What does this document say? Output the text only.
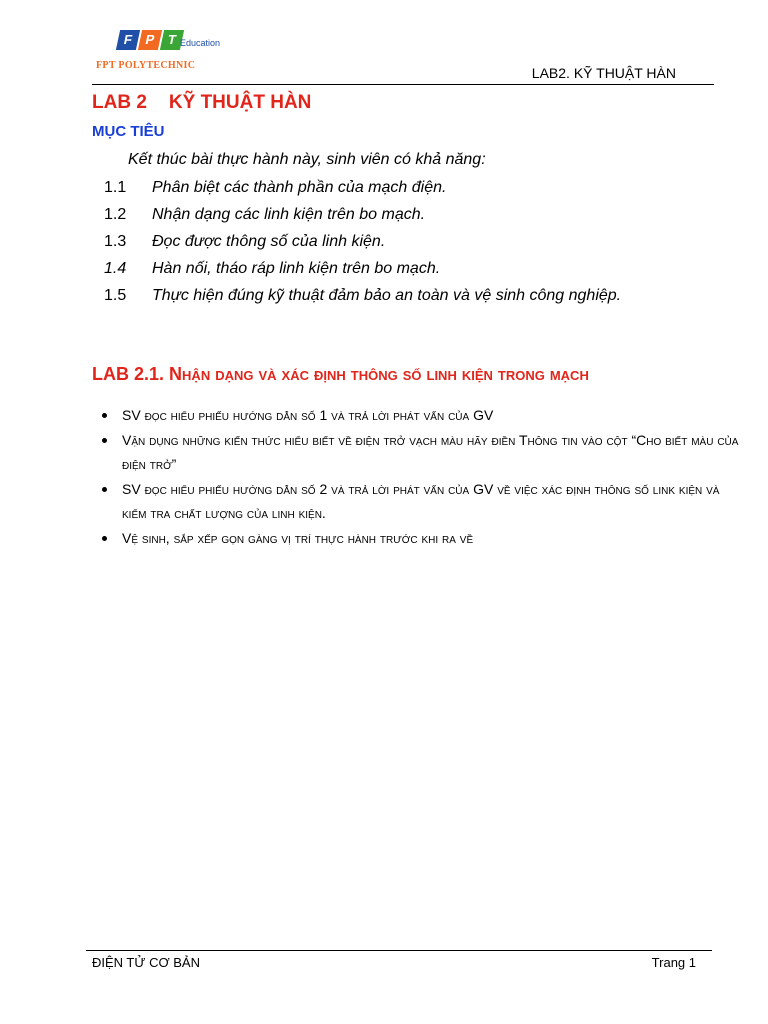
F P T Education
FPT POLYTECHNIC	LAB2. KỸ THUẬT HÀN
LAB 2 KỸ THUẬT HÀN
MỤC TIÊU
Kết thúc bài thực hành này, sinh viên có khả năng:
1.1	Phân biệt các thành phần của mạch điện.
1.2	Nhận dạng các linh kiện trên bo mạch.
1.3	Đọc được thông số của linh kiện.
1.4	Hàn nối, tháo ráp linh kiện trên bo mạch.
1.5	Thực hiện đúng kỹ thuật đảm bảo an toàn và vệ sinh công nghiệp.
LAB 2.1. Nhận dạng và xác định thông số linh kiện trong mạch
SV đọc hiểu phiếu hướng dẫn số 1 và trả lời phát vấn của GV
Vận dụng những kiến thức hiểu biết về điện trở vạch màu hãy điền Thông tin vào cột “Cho biết màu của điện trở”
SV đọc hiểu phiếu hướng dẫn số 2 và trả lời phát vấn của GV về việc xác định thông số link kiện và kiểm tra chất lượng của linh kiện.
Vệ sinh, sắp xếp gọn gàng vị trí thực hành trước khi ra về
ĐIỆN TỬ CƠ BẢN	Trang 1
